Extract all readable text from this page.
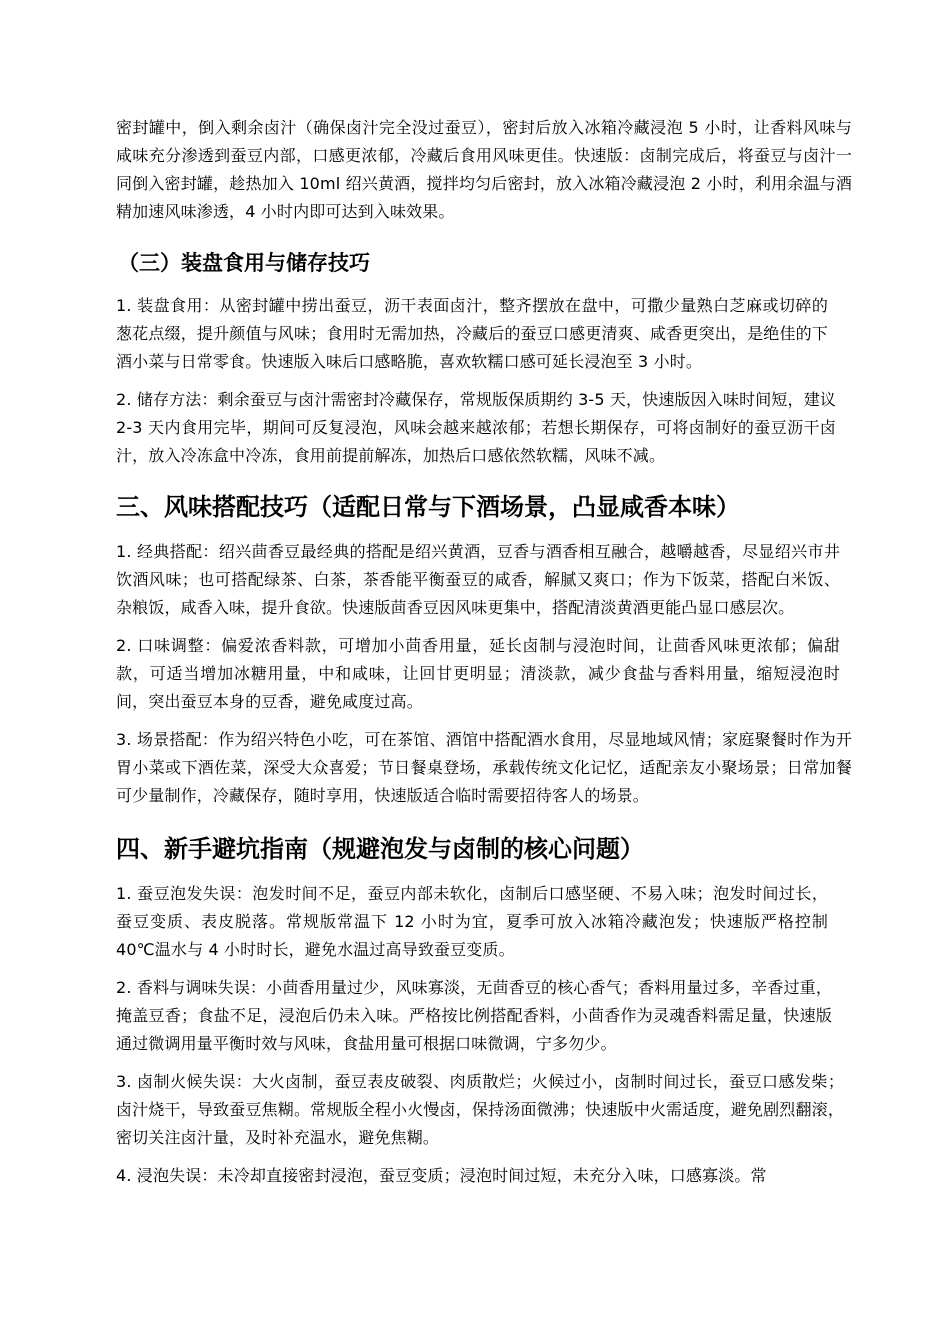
密封罐中，倒入剩余卤汁（确保卤汁完全没过蚕豆），密封后放入冰箱冷藏浸泡 5 小时，让香料风味与咸味充分渗透到蚕豆内部，口感更浓郁，冷藏后食用风味更佳。快速版：卤制完成后，将蚕豆与卤汁一同倒入密封罐，趁热加入 10ml 绍兴黄酒，搅拌均匀后密封，放入冰箱冷藏浸泡 2 小时，利用余温与酒精加速风味渗透，4 小时内即可达到入味效果。

（三）装盘食用与储存技巧

1. 装盘食用：从密封罐中捞出蚕豆，沥干表面卤汁，整齐摆放在盘中，可撒少量熟白芝麻或切碎的葱花点缀，提升颜值与风味；食用时无需加热，冷藏后的蚕豆口感更清爽、咸香更突出，是绝佳的下酒小菜与日常零食。快速版入味后口感略脆，喜欢软糯口感可延长浸泡至 3 小时。

2. 储存方法：剩余蚕豆与卤汁需密封冷藏保存，常规版保质期约 3-5 天，快速版因入味时间短，建议 2-3 天内食用完毕，期间可反复浸泡，风味会越来越浓郁；若想长期保存，可将卤制好的蚕豆沥干卤汁，放入冷冻盒中冷冻，食用前提前解冻，加热后口感依然软糯，风味不减。

三、风味搭配技巧（适配日常与下酒场景，凸显咸香本味）

1. 经典搭配：绍兴茴香豆最经典的搭配是绍兴黄酒，豆香与酒香相互融合，越嚼越香，尽显绍兴市井饮酒风味；也可搭配绿茶、白茶，茶香能平衡蚕豆的咸香，解腻又爽口；作为下饭菜，搭配白米饭、杂粮饭，咸香入味，提升食欲。快速版茴香豆因风味更集中，搭配清淡黄酒更能凸显口感层次。

2. 口味调整：偏爱浓香料款，可增加小茴香用量，延长卤制与浸泡时间，让茴香风味更浓郁；偏甜款，可适当增加冰糖用量，中和咸味，让回甘更明显；清淡款，减少食盐与香料用量，缩短浸泡时间，突出蚕豆本身的豆香，避免咸度过高。

3. 场景搭配：作为绍兴特色小吃，可在茶馆、酒馆中搭配酒水食用，尽显地域风情；家庭聚餐时作为开胃小菜或下酒佐菜，深受大众喜爱；节日餐桌登场，承载传统文化记忆，适配亲友小聚场景；日常加餐可少量制作，冷藏保存，随时享用，快速版适合临时需要招待客人的场景。

四、新手避坑指南（规避泡发与卤制的核心问题）

1. 蚕豆泡发失误：泡发时间不足，蚕豆内部未软化，卤制后口感坚硬、不易入味；泡发时间过长，蚕豆变质、表皮脱落。常规版常温下 12 小时为宜，夏季可放入冰箱冷藏泡发；快速版严格控制 40℃温水与 4 小时时长，避免水温过高导致蚕豆变质。

2. 香料与调味失误：小茴香用量过少，风味寡淡，无茴香豆的核心香气；香料用量过多，辛香过重，掩盖豆香；食盐不足，浸泡后仍未入味。严格按比例搭配香料，小茴香作为灵魂香料需足量，快速版通过微调用量平衡时效与风味，食盐用量可根据口味微调，宁多勿少。

3. 卤制火候失误：大火卤制，蚕豆表皮破裂、肉质散烂；火候过小，卤制时间过长，蚕豆口感发柴；卤汁烧干，导致蚕豆焦糊。常规版全程小火慢卤，保持汤面微沸；快速版中火需适度，避免剧烈翻滚，密切关注卤汁量，及时补充温水，避免焦糊。

4. 浸泡失误：未冷却直接密封浸泡，蚕豆变质；浸泡时间过短，未充分入味，口感寡淡。常
